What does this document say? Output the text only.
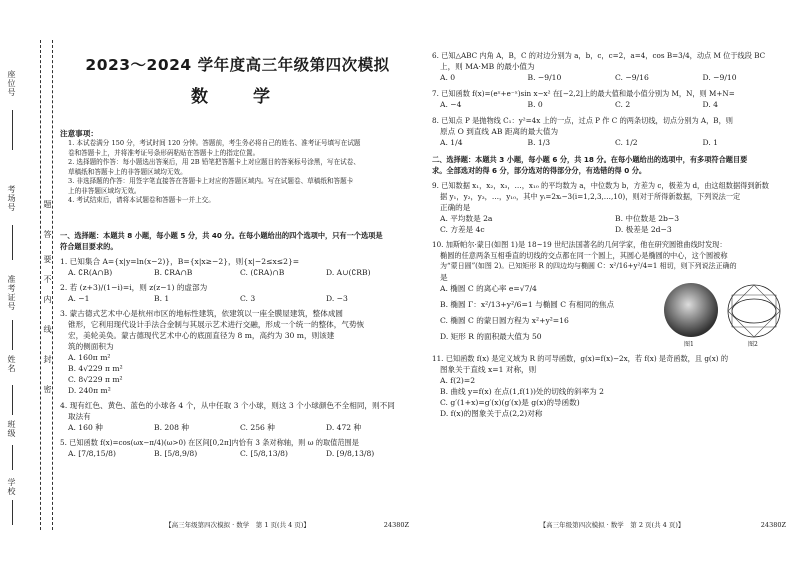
座位号
考场号
准考证号
姓名
班级
学校
题
答
要
不
内
线
封
密
2023～2024 学年度高三年级第四次模拟
数　学
注意事项：
1. 本试卷满分 150 分，考试时间 120 分钟。答题前，考生务必将自己的姓名、准考证号填写在试题
卷和答题卡上，并将准考证号条形码粘贴在答题卡上的指定位置。
2. 选择题的作答：每小题选出答案后，用 2B 铅笔把答题卡上对应题目的答案标号涂黑，写在试卷、
草稿纸和答题卡上的非答题区域均无效。
3. 非选择题的作答：用签字笔直接答在答题卡上对应的答题区域内。写在试题卷、草稿纸和答题卡
上的非答题区域均无效。
4. 考试结束后，请将本试题卷和答题卡一并上交。
一、选择题：本题共 8 小题，每小题 5 分，共 40 分。在每小题给出的四个选项中，只有一个选项是
符合题目要求的。
1. 已知集合 A={x|y=ln(x−2)}，B={x|x≥−2}，则{x|−2≤x≤2}=
A. ∁R(A∩B)	B. ∁RA∩B	C. (∁RA)∩B	D. A∪(∁RB)
2. 若 (z+3)/(1−i)=i，则 z(z−1) 的虚部为
A. −1	B. 1	C. 3	D. −3
3. 蒙古德式艺术中心是杭州市区的地标性建筑，依建筑以一座全膜屋建筑，整体成圆
锥形，它利用现代设计手法合金制与其展示艺术进行交融，形成一个统一的整体，气势恢
宏，美轮美奂。蒙古德现代艺术中心的底面直径为 8 m，高约为 30 m，则该建
筑的侧面积为
A. 160π m²
B. 4√229 π m²
C. 8√229 π m²
D. 240π m²
4. 现有红色、黄色、蓝色的小球各 4 个，从中任取 3 个小球，则这 3 个小球颜色不全相同，则不同
取法有
A. 160 种	B. 208 种	C. 256 种	D. 472 种
5. 已知函数 f(x)=cos(ωx−π/4)(ω>0) 在区间[0,2π]内恰有 3 条对称轴，则 ω 的取值范围是
A. [7/8,15/8)	B. [5/8,9/8)	C. [5/8,13/8)	D. [9/8,13/8)
【高三年级第四次模拟 · 数学　第 1 页(共 4 页)】	24380Z
6. 已知△ABC 内角 A，B，C 的对边分别为 a，b，c，c=2，a=4，cos B=3/4，动点 M 位于线段 BC
上，则 MA·MB 的最小值为
A. 0	B. −9/10	C. −9/16	D. −9/10
7. 已知函数 f(x)=(eˣ+e⁻ˣ)sin x−x² 在[−2,2]上的最大值和最小值分别为 M，N，则 M+N=
A. −4	B. 0	C. 2	D. 4
8. 已知点 P 是抛物线 C₁：y²=4x 上的一点，过点 P 作 C 的两条切线，切点分别为 A，B，则
原点 O 到直线 AB 距离的最大值为
A. 1/4	B. 1/3	C. 1/2	D. 1
二、选择题：本题共 3 小题，每小题 6 分，共 18 分。在每小题给出的选项中，有多项符合题目要
求。全部选对的得 6 分，部分选对的得部分分，有选错的得 0 分。
9. 已知数据 x₁，x₂，x₃，…，x₁₀ 的平均数为 a，中位数为 b，方差为 c，极差为 d，由这组数据得到新数
据 y₁，y₂，y₃，…，y₁₀，其中 yᵢ=2xᵢ−3(i=1,2,3,…,10)，则对于所得新数据，下列说法一定
正确的是
A. 平均数是 2a	B. 中位数是 2b−3
C. 方差是 4c	D. 极差是 2d−3
10. 加斯帕尔·蒙日(如图 1)是 18~19 世纪法国著名的几何学家，他在研究圆锥曲线时发现：
椭圆的任意两条互相垂直的切线的交点都在同一个圆上，其圆心是椭圆的中心，这个圆被称
为“蒙日圆”(如图 2)。已知矩形 R 的四边均与椭圆 C：x²/16+y²/4=1 相切，则下列说法正确的
是
A. 椭圆 C 的离心率 e=√7/4
B. 椭圆 Γ：x²/13+y²/6=1 与椭圆 C 有相同的焦点
C. 椭圆 C 的蒙日圆方程为 x²+y²=16
D. 矩形 R 的面积最大值为 50
图1	图2
11. 已知函数 f(x) 是定义域为 R 的可导函数，g(x)=f(x)−2x，若 f(x) 是奇函数，且 g(x) 的
图象关于直线 x=1 对称，则
A. f(2)=2
B. 曲线 y=f(x) 在点(1,f(1))处的切线的斜率为 2
C. g′(1+x)=g′(x)(g′(x)是 g(x)的导函数)
D. f(x)的图象关于点(2,2)对称
【高三年级第四次模拟 · 数学　第 2 页(共 4 页)】	24380Z
